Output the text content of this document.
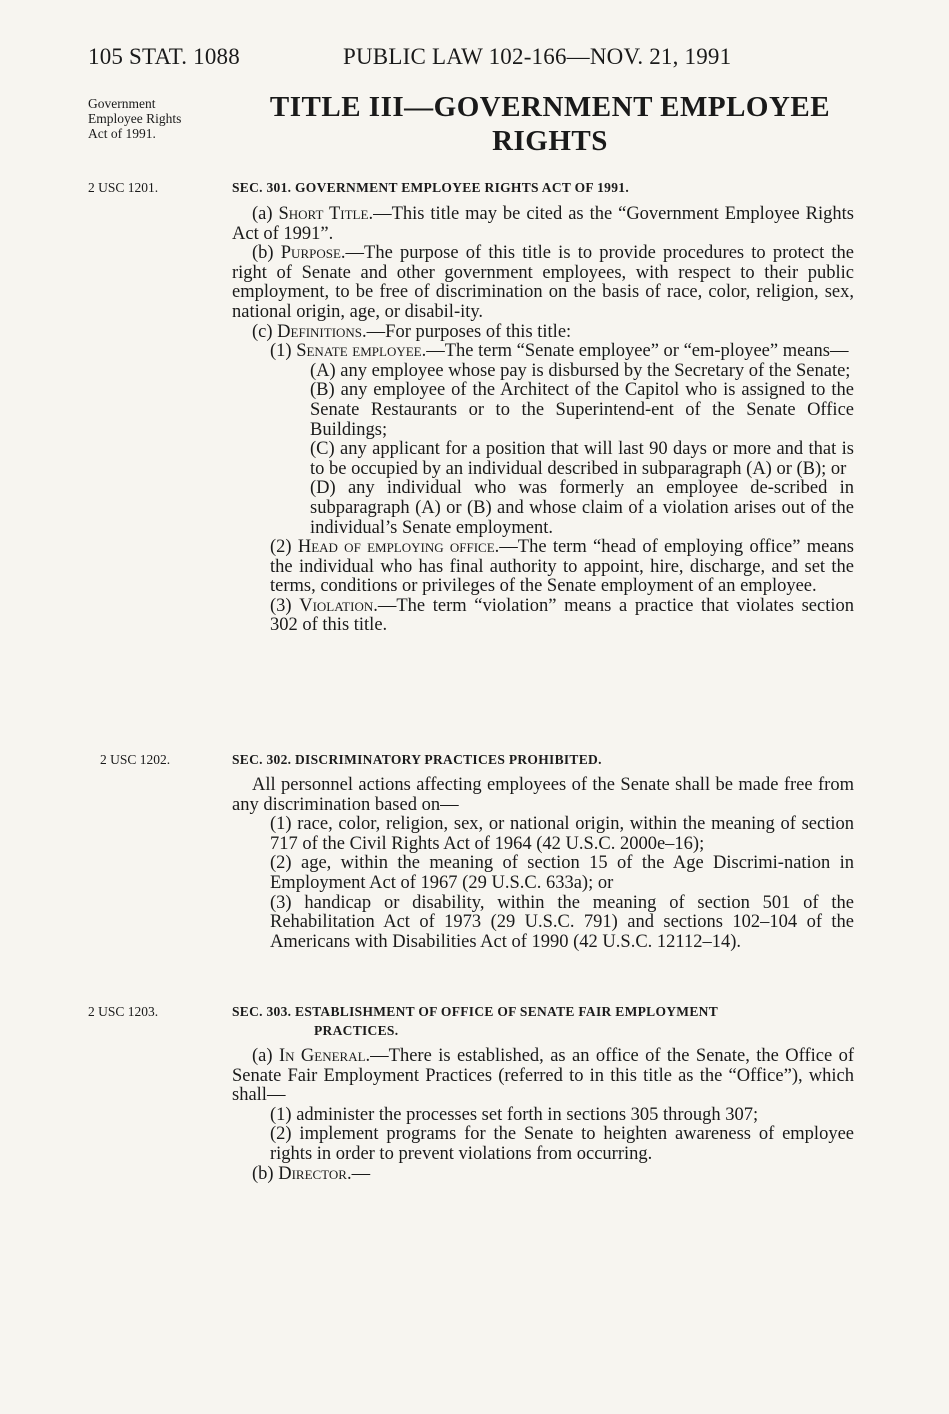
105 STAT. 1088	PUBLIC LAW 102-166—NOV. 21, 1991
Government
Employee Rights
Act of 1991.
TITLE III—GOVERNMENT EMPLOYEE
RIGHTS
2 USC 1201.	SEC. 301. GOVERNMENT EMPLOYEE RIGHTS ACT OF 1991.

(a) Short Title.—This title may be cited as the “Government Employee Rights Act of 1991”.

(b) Purpose.—The purpose of this title is to provide procedures to protect the right of Senate and other government employees, with respect to their public employment, to be free of discrimination on the basis of race, color, religion, sex, national origin, age, or disabil-ity.

(c) Definitions.—For purposes of this title:

(1) Senate employee.—The term “Senate employee” or “em-ployee” means—

(A) any employee whose pay is disbursed by the Secretary of the Senate;

(B) any employee of the Architect of the Capitol who is assigned to the Senate Restaurants or to the Superintend-ent of the Senate Office Buildings;

(C) any applicant for a position that will last 90 days or more and that is to be occupied by an individual described in subparagraph (A) or (B); or

(D) any individual who was formerly an employee de-scribed in subparagraph (A) or (B) and whose claim of a violation arises out of the individual’s Senate employment.

(2) Head of employing office.—The term “head of employing office” means the individual who has final authority to appoint, hire, discharge, and set the terms, conditions or privileges of the Senate employment of an employee.

(3) Violation.—The term “violation” means a practice that violates section 302 of this title.

2 USC 1202.	SEC. 302. DISCRIMINATORY PRACTICES PROHIBITED.

All personnel actions affecting employees of the Senate shall be made free from any discrimination based on—

(1) race, color, religion, sex, or national origin, within the meaning of section 717 of the Civil Rights Act of 1964 (42 U.S.C. 2000e–16);

(2) age, within the meaning of section 15 of the Age Discrimi-nation in Employment Act of 1967 (29 U.S.C. 633a); or

(3) handicap or disability, within the meaning of section 501 of the Rehabilitation Act of 1973 (29 U.S.C. 791) and sections 102–104 of the Americans with Disabilities Act of 1990 (42 U.S.C. 12112–14).

2 USC 1203.	SEC. 303. ESTABLISHMENT OF OFFICE OF SENATE FAIR EMPLOYMENT
PRACTICES.

(a) In General.—There is established, as an office of the Senate, the Office of Senate Fair Employment Practices (referred to in this title as the “Office”), which shall—

(1) administer the processes set forth in sections 305 through 307;

(2) implement programs for the Senate to heighten awareness of employee rights in order to prevent violations from occurring.

(b) Director.—
